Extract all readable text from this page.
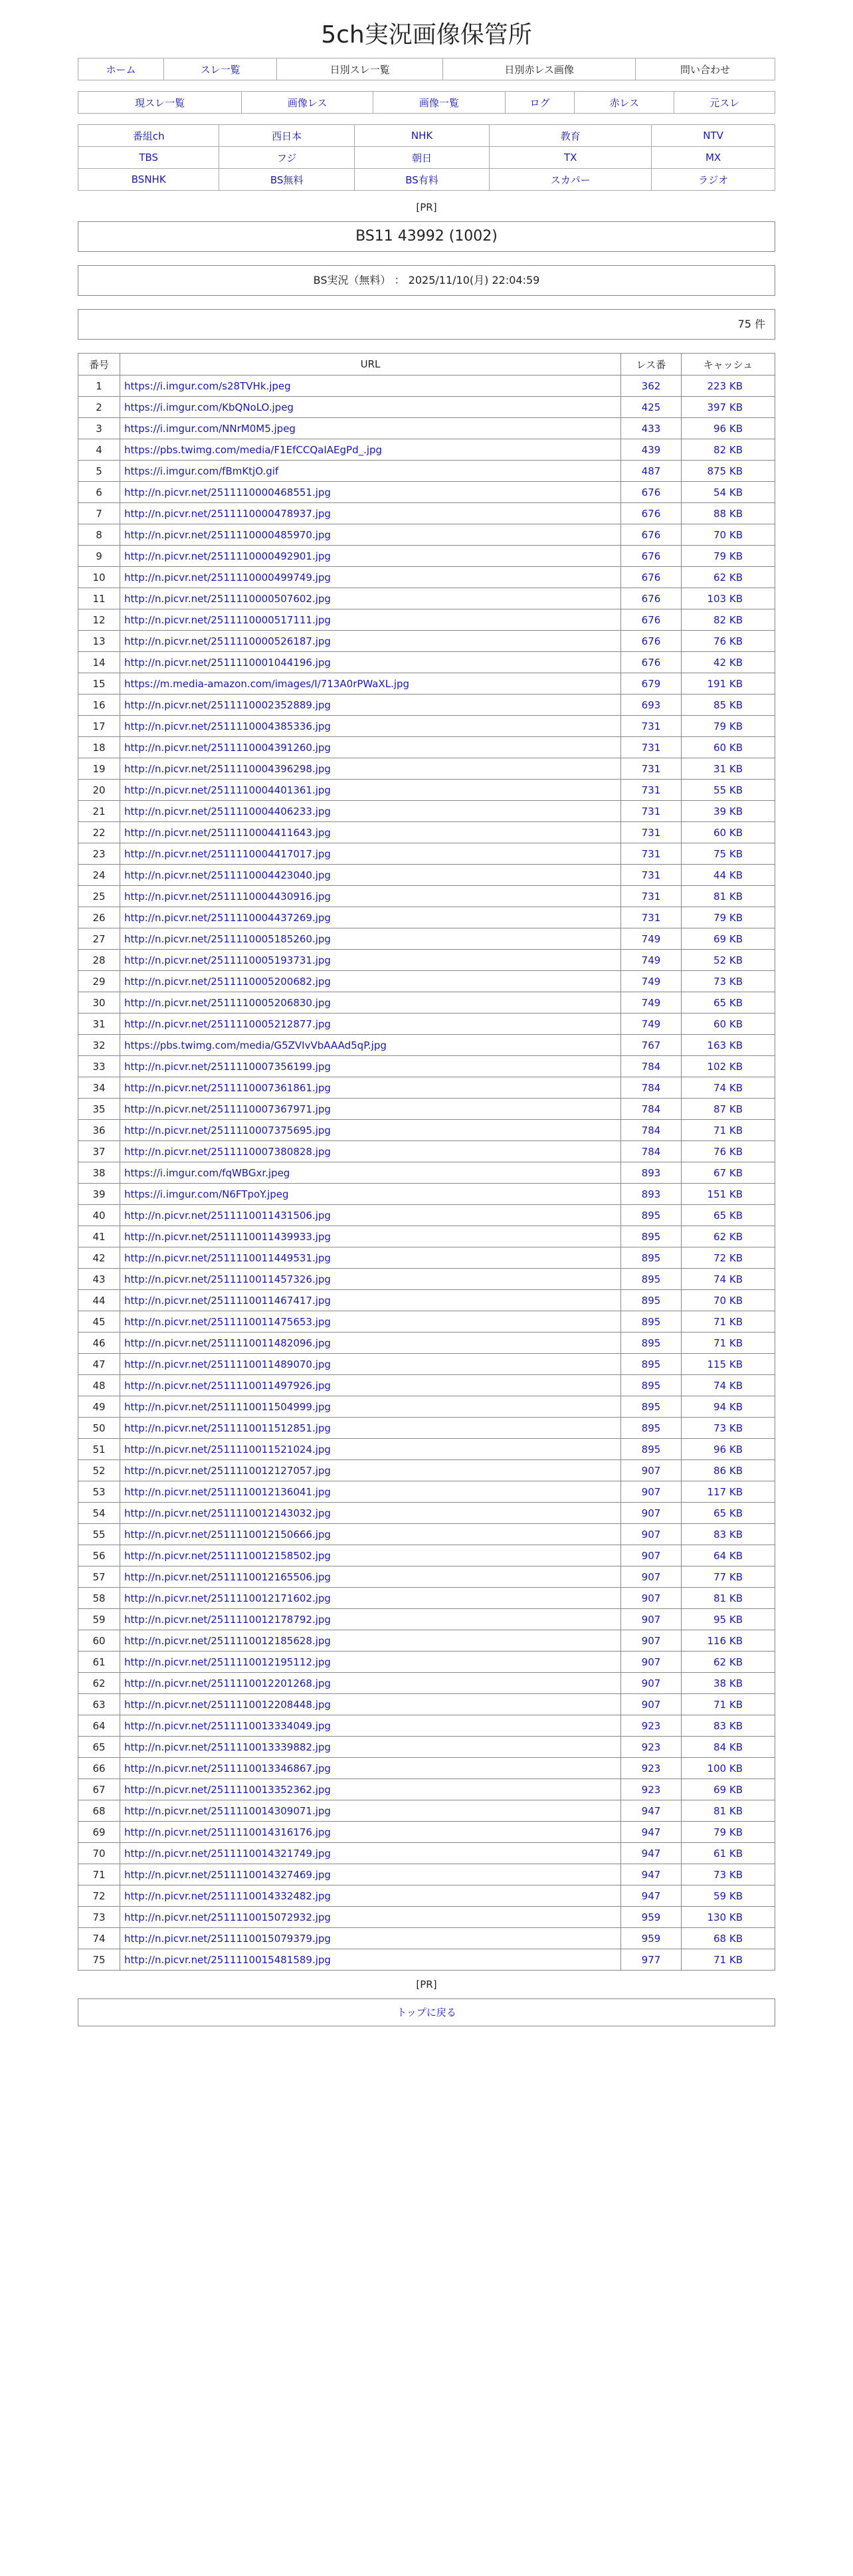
5ch実況画像保管所
ホーム	スレ一覧	日別スレ一覧	日別赤レス画像	問い合わせ
現スレ一覧	画像レス	画像一覧	ログ	赤レス	元スレ
番組ch	西日本	NHK	教育	NTV
TBS	フジ	朝日	TX	MX
BSNHK	BS無料	BS有料	スカパー	ラジオ
[PR]
BS11 43992 (1002)
BS実況（無料） ： 2025/11/10(月) 22:04:59
75 件
番号	URL	レス番	キャッシュ
1	https://i.imgur.com/s28TVHk.jpeg	362	223 KB
2	https://i.imgur.com/KbQNoLO.jpeg	425	397 KB
3	https://i.imgur.com/NNrM0M5.jpeg	433	96 KB
4	https://pbs.twimg.com/media/F1EfCCQaIAEgPd_.jpg	439	82 KB
5	https://i.imgur.com/fBmKtjO.gif	487	875 KB
6	http://n.picvr.net/2511110000468551.jpg	676	54 KB
7	http://n.picvr.net/2511110000478937.jpg	676	88 KB
8	http://n.picvr.net/2511110000485970.jpg	676	70 KB
9	http://n.picvr.net/2511110000492901.jpg	676	79 KB
10	http://n.picvr.net/2511110000499749.jpg	676	62 KB
11	http://n.picvr.net/2511110000507602.jpg	676	103 KB
12	http://n.picvr.net/2511110000517111.jpg	676	82 KB
13	http://n.picvr.net/2511110000526187.jpg	676	76 KB
14	http://n.picvr.net/2511110001044196.jpg	676	42 KB
15	https://m.media-amazon.com/images/I/713A0rPWaXL.jpg	679	191 KB
16	http://n.picvr.net/2511110002352889.jpg	693	85 KB
17	http://n.picvr.net/2511110004385336.jpg	731	79 KB
18	http://n.picvr.net/2511110004391260.jpg	731	60 KB
19	http://n.picvr.net/2511110004396298.jpg	731	31 KB
20	http://n.picvr.net/2511110004401361.jpg	731	55 KB
21	http://n.picvr.net/2511110004406233.jpg	731	39 KB
22	http://n.picvr.net/2511110004411643.jpg	731	60 KB
23	http://n.picvr.net/2511110004417017.jpg	731	75 KB
24	http://n.picvr.net/2511110004423040.jpg	731	44 KB
25	http://n.picvr.net/2511110004430916.jpg	731	81 KB
26	http://n.picvr.net/2511110004437269.jpg	731	79 KB
27	http://n.picvr.net/2511110005185260.jpg	749	69 KB
28	http://n.picvr.net/2511110005193731.jpg	749	52 KB
29	http://n.picvr.net/2511110005200682.jpg	749	73 KB
30	http://n.picvr.net/2511110005206830.jpg	749	65 KB
31	http://n.picvr.net/2511110005212877.jpg	749	60 KB
32	https://pbs.twimg.com/media/G5ZVIvVbAAAd5qP.jpg	767	163 KB
33	http://n.picvr.net/2511110007356199.jpg	784	102 KB
34	http://n.picvr.net/2511110007361861.jpg	784	74 KB
35	http://n.picvr.net/2511110007367971.jpg	784	87 KB
36	http://n.picvr.net/2511110007375695.jpg	784	71 KB
37	http://n.picvr.net/2511110007380828.jpg	784	76 KB
38	https://i.imgur.com/fqWBGxr.jpeg	893	67 KB
39	https://i.imgur.com/N6FTpoY.jpeg	893	151 KB
40	http://n.picvr.net/2511110011431506.jpg	895	65 KB
41	http://n.picvr.net/2511110011439933.jpg	895	62 KB
42	http://n.picvr.net/2511110011449531.jpg	895	72 KB
43	http://n.picvr.net/2511110011457326.jpg	895	74 KB
44	http://n.picvr.net/2511110011467417.jpg	895	70 KB
45	http://n.picvr.net/2511110011475653.jpg	895	71 KB
46	http://n.picvr.net/2511110011482096.jpg	895	71 KB
47	http://n.picvr.net/2511110011489070.jpg	895	115 KB
48	http://n.picvr.net/2511110011497926.jpg	895	74 KB
49	http://n.picvr.net/2511110011504999.jpg	895	94 KB
50	http://n.picvr.net/2511110011512851.jpg	895	73 KB
51	http://n.picvr.net/2511110011521024.jpg	895	96 KB
52	http://n.picvr.net/2511110012127057.jpg	907	86 KB
53	http://n.picvr.net/2511110012136041.jpg	907	117 KB
54	http://n.picvr.net/2511110012143032.jpg	907	65 KB
55	http://n.picvr.net/2511110012150666.jpg	907	83 KB
56	http://n.picvr.net/2511110012158502.jpg	907	64 KB
57	http://n.picvr.net/2511110012165506.jpg	907	77 KB
58	http://n.picvr.net/2511110012171602.jpg	907	81 KB
59	http://n.picvr.net/2511110012178792.jpg	907	95 KB
60	http://n.picvr.net/2511110012185628.jpg	907	116 KB
61	http://n.picvr.net/2511110012195112.jpg	907	62 KB
62	http://n.picvr.net/2511110012201268.jpg	907	38 KB
63	http://n.picvr.net/2511110012208448.jpg	907	71 KB
64	http://n.picvr.net/2511110013334049.jpg	923	83 KB
65	http://n.picvr.net/2511110013339882.jpg	923	84 KB
66	http://n.picvr.net/2511110013346867.jpg	923	100 KB
67	http://n.picvr.net/2511110013352362.jpg	923	69 KB
68	http://n.picvr.net/2511110014309071.jpg	947	81 KB
69	http://n.picvr.net/2511110014316176.jpg	947	79 KB
70	http://n.picvr.net/2511110014321749.jpg	947	61 KB
71	http://n.picvr.net/2511110014327469.jpg	947	73 KB
72	http://n.picvr.net/2511110014332482.jpg	947	59 KB
73	http://n.picvr.net/2511110015072932.jpg	959	130 KB
74	http://n.picvr.net/2511110015079379.jpg	959	68 KB
75	http://n.picvr.net/2511110015481589.jpg	977	71 KB
[PR]
トップに戻る
